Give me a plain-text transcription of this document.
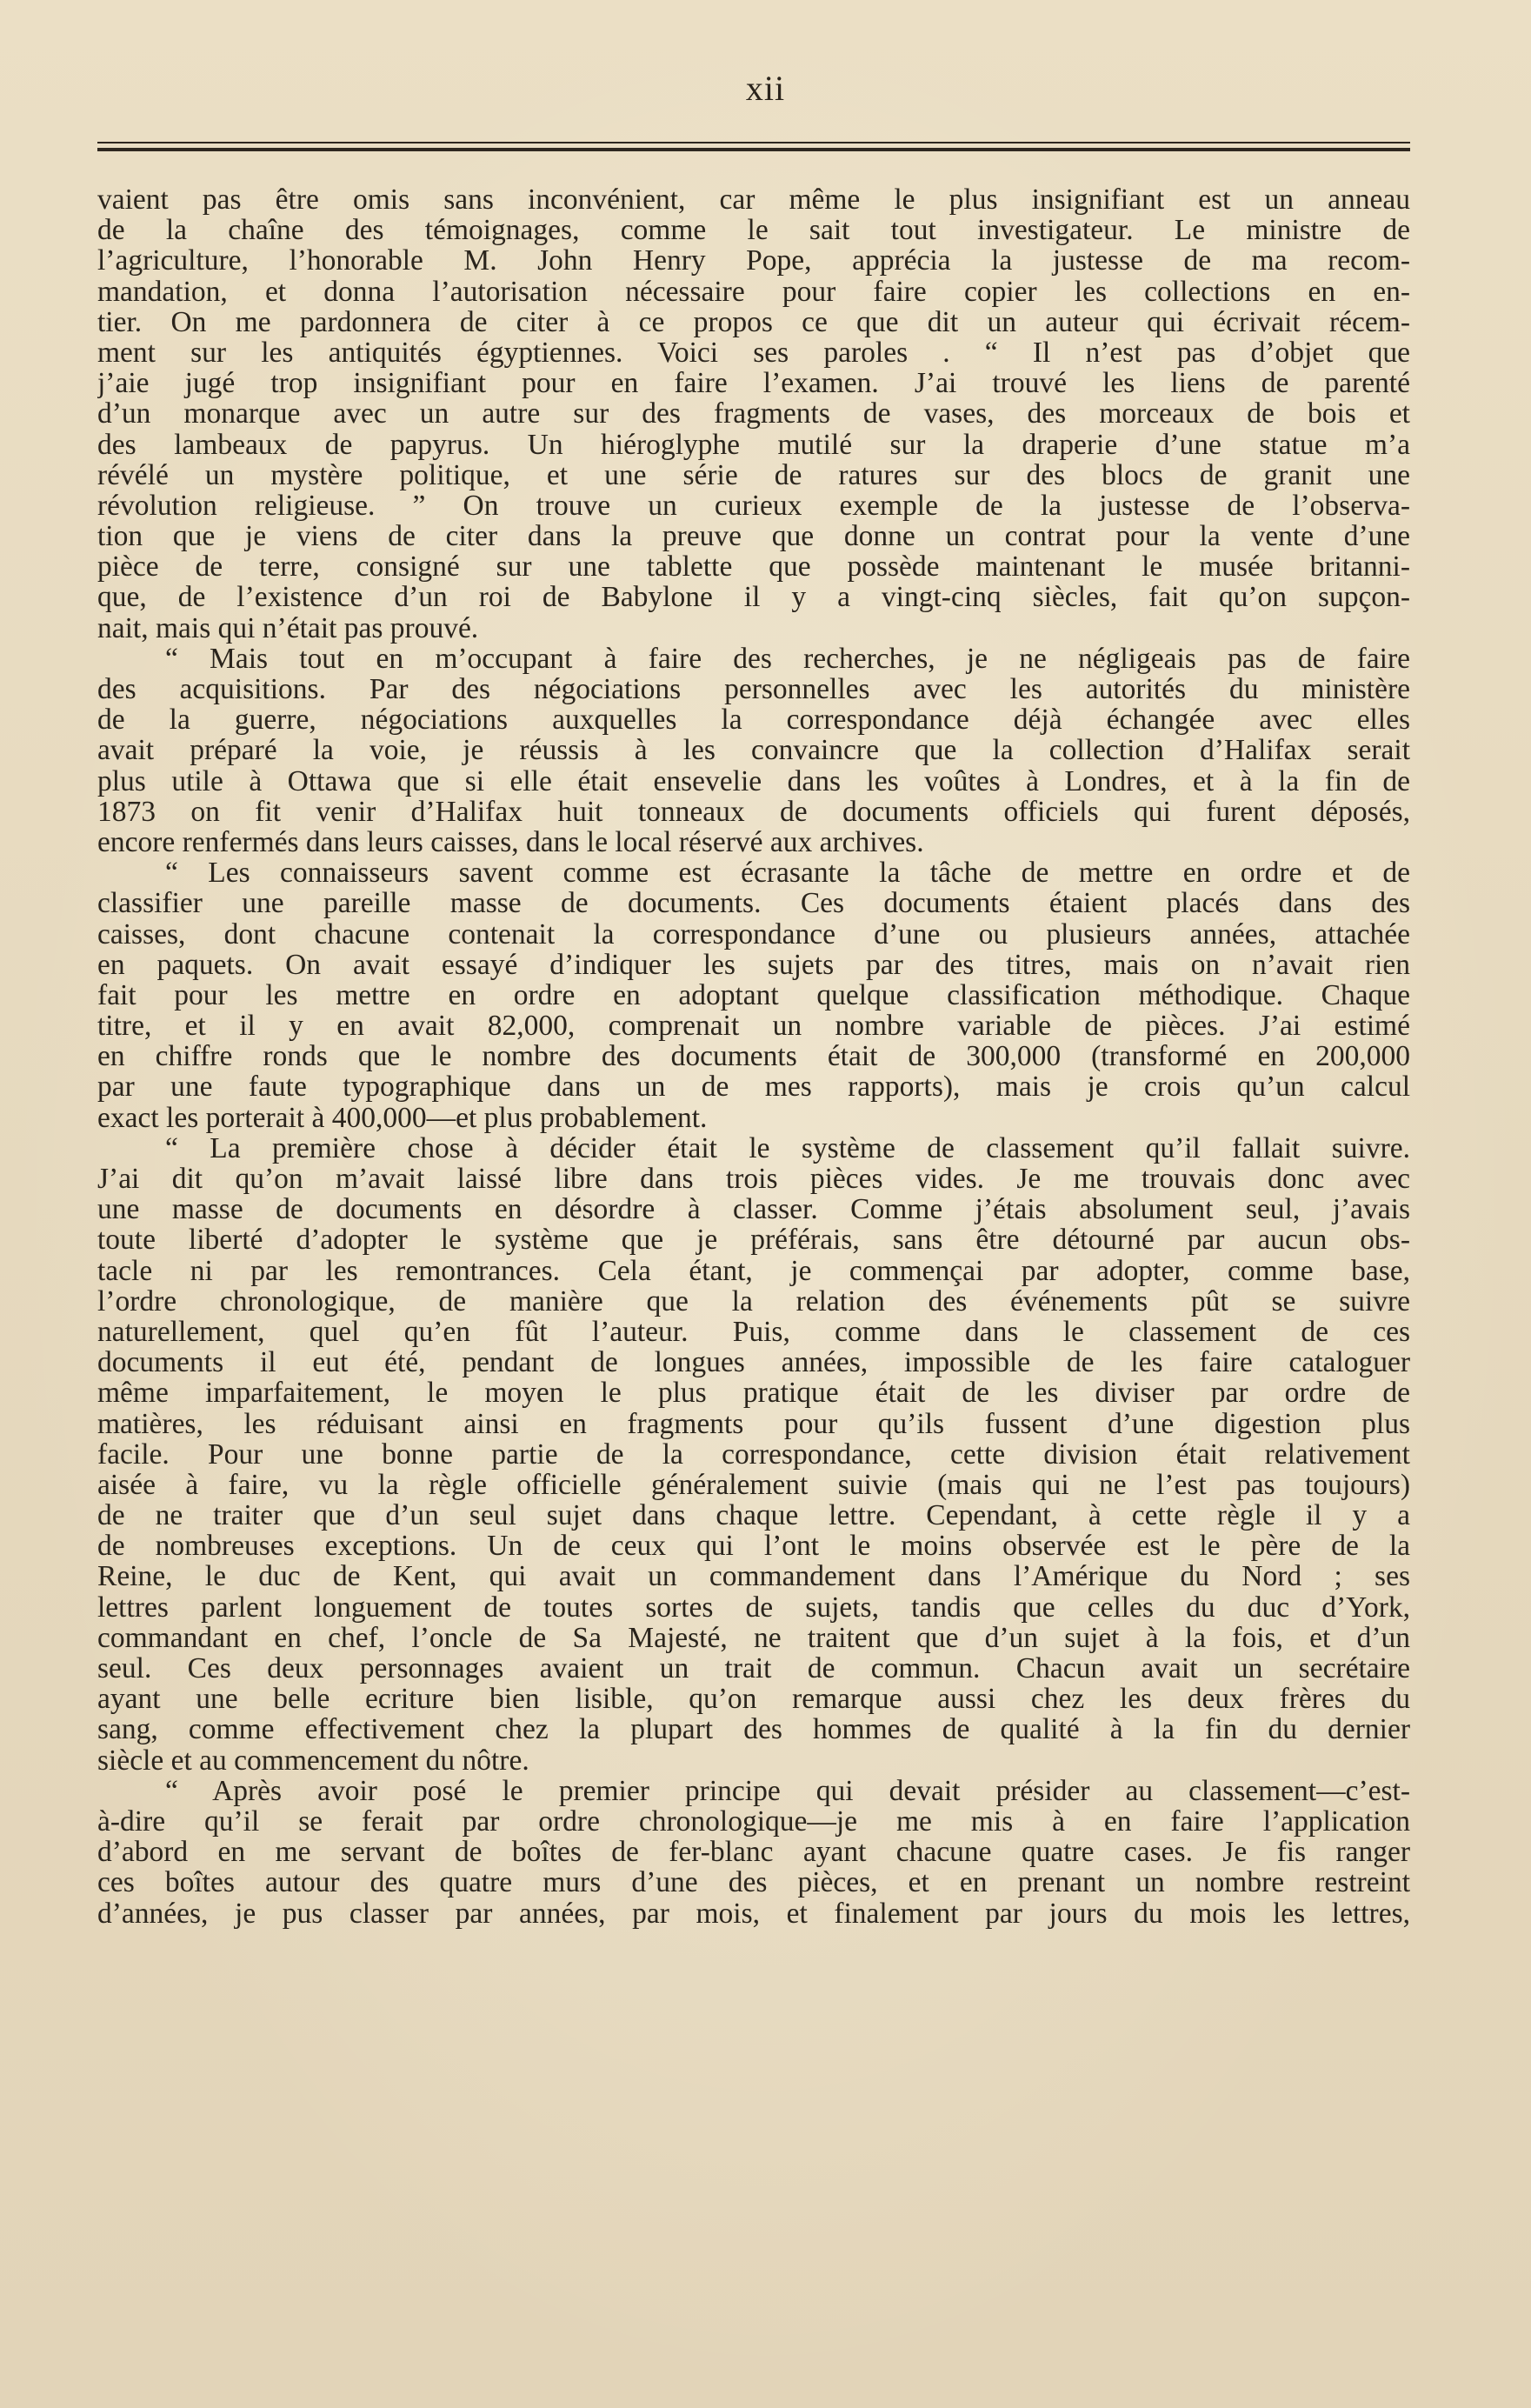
xii
vaient pas être omis sans inconvénient, car même le plus insignifiant est un anneau
de la chaîne des témoignages, comme le sait tout investigateur. Le ministre de
l’agriculture, l’honorable M. John Henry Pope, apprécia la justesse de ma recom-
mandation, et donna l’autorisation nécessaire pour faire copier les collections en en-
tier. On me pardonnera de citer à ce propos ce que dit un auteur qui écrivait récem-
ment sur les antiquités égyptiennes. Voici ses paroles . “ Il n’est pas d’objet que
j’aie jugé trop insignifiant pour en faire l’examen. J’ai trouvé les liens de parenté
d’un monarque avec un autre sur des fragments de vases, des morceaux de bois et
des lambeaux de papyrus. Un hiéroglyphe mutilé sur la draperie d’une statue m’a
révélé un mystère politique, et une série de ratures sur des blocs de granit une
révolution religieuse. ” On trouve un curieux exemple de la justesse de l’observa-
tion que je viens de citer dans la preuve que donne un contrat pour la vente d’une
pièce de terre, consigné sur une tablette que possède maintenant le musée britanni-
que, de l’existence d’un roi de Babylone il y a vingt-cinq siècles, fait qu’on supçon-
nait, mais qui n’était pas prouvé.
“ Mais tout en m’occupant à faire des recherches, je ne négligeais pas de faire
des acquisitions. Par des négociations personnelles avec les autorités du ministère
de la guerre, négociations auxquelles la correspondance déjà échangée avec elles
avait préparé la voie, je réussis à les convaincre que la collection d’Halifax serait
plus utile à Ottawa que si elle était ensevelie dans les voûtes à Londres, et à la fin de
1873 on fit venir d’Halifax huit tonneaux de documents officiels qui furent déposés,
encore renfermés dans leurs caisses, dans le local réservé aux archives.
“ Les connaisseurs savent comme est écrasante la tâche de mettre en ordre et de
classifier une pareille masse de documents. Ces documents étaient placés dans des
caisses, dont chacune contenait la correspondance d’une ou plusieurs années, attachée
en paquets. On avait essayé d’indiquer les sujets par des titres, mais on n’avait rien
fait pour les mettre en ordre en adoptant quelque classification méthodique. Chaque
titre, et il y en avait 82,000, comprenait un nombre variable de pièces. J’ai estimé
en chiffre ronds que le nombre des documents était de 300,000 (transformé en 200,000
par une faute typographique dans un de mes rapports), mais je crois qu’un calcul
exact les porterait à 400,000—et plus probablement.
“ La première chose à décider était le système de classement qu’il fallait suivre.
J’ai dit qu’on m’avait laissé libre dans trois pièces vides. Je me trouvais donc avec
une masse de documents en désordre à classer. Comme j’étais absolument seul, j’avais
toute liberté d’adopter le système que je préférais, sans être détourné par aucun obs-
tacle ni par les remontrances. Cela étant, je commençai par adopter, comme base,
l’ordre chronologique, de manière que la relation des événements pût se suivre
naturellement, quel qu’en fût l’auteur. Puis, comme dans le classement de ces
documents il eut été, pendant de longues années, impossible de les faire cataloguer
même imparfaitement, le moyen le plus pratique était de les diviser par ordre de
matières, les réduisant ainsi en fragments pour qu’ils fussent d’une digestion plus
facile. Pour une bonne partie de la correspondance, cette division était relativement
aisée à faire, vu la règle officielle généralement suivie (mais qui ne l’est pas toujours)
de ne traiter que d’un seul sujet dans chaque lettre. Cependant, à cette règle il y a
de nombreuses exceptions. Un de ceux qui l’ont le moins observée est le père de la
Reine, le duc de Kent, qui avait un commandement dans l’Amérique du Nord ; ses
lettres parlent longuement de toutes sortes de sujets, tandis que celles du duc d’York,
commandant en chef, l’oncle de Sa Majesté, ne traitent que d’un sujet à la fois, et d’un
seul. Ces deux personnages avaient un trait de commun. Chacun avait un secrétaire
ayant une belle ecriture bien lisible, qu’on remarque aussi chez les deux frères du
sang, comme effectivement chez la plupart des hommes de qualité à la fin du dernier
siècle et au commencement du nôtre.
“ Après avoir posé le premier principe qui devait présider au classement—c’est-
à-dire qu’il se ferait par ordre chronologique—je me mis à en faire l’application
d’abord en me servant de boîtes de fer-blanc ayant chacune quatre cases. Je fis ranger
ces boîtes autour des quatre murs d’une des pièces, et en prenant un nombre restreint
d’années, je pus classer par années, par mois, et finalement par jours du mois les lettres,
